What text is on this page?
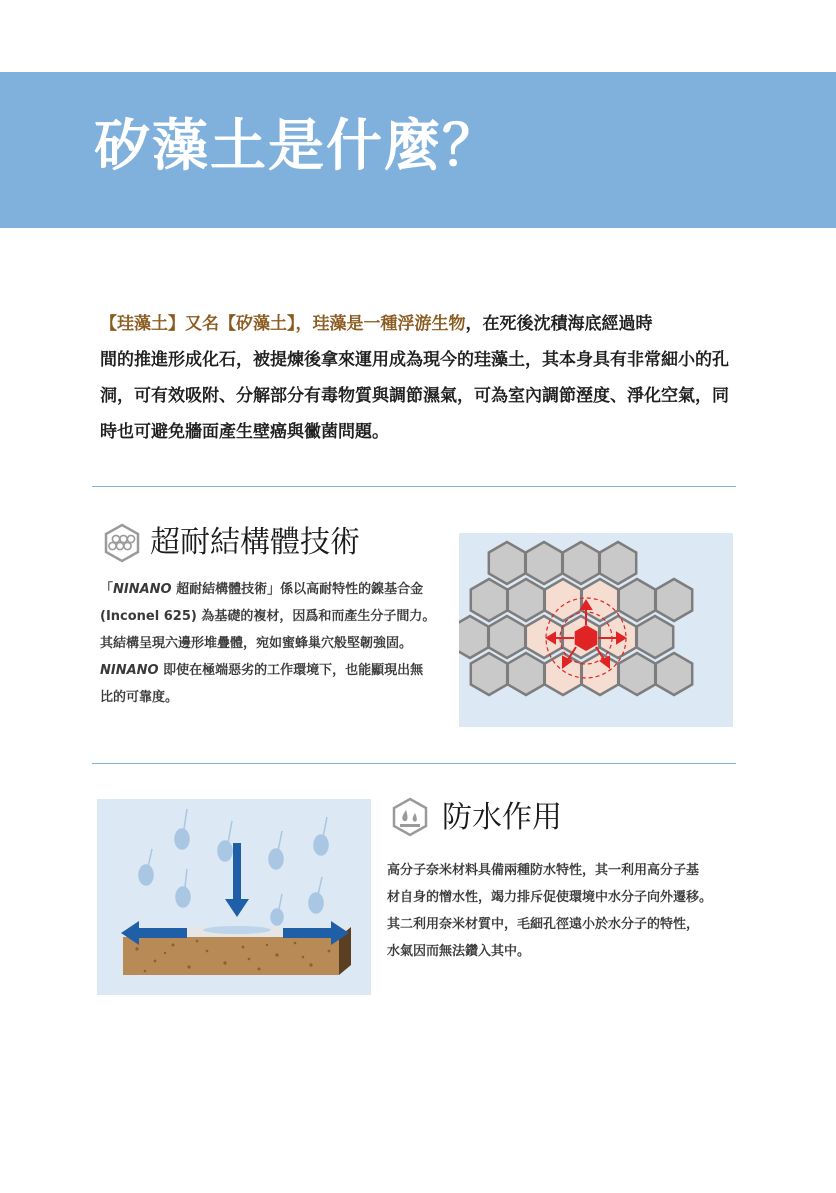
矽藻土是什麼？
【珪藻土】又名【矽藻土】，珪藻是一種浮游生物，在死後沈積海底經過時
間的推進形成化石，被提煉後拿來運用成為現今的珪藻土，其本身具有非常細小的孔
洞，可有效吸附、分解部分有毒物質與調節濕氣，可為室內調節溼度、淨化空氣，同
時也可避免牆面產生壁癌與黴菌問題。
超耐結構體技術
「NINANO 超耐結構體技術」係以高耐特性的鎳基合金
(Inconel 625) 為基礎的複材，因爲和而產生分子間力。
其結構呈現六邊形堆疊體，宛如蜜蜂巢穴般堅韌強固。
NINANO 即使在極端惡劣的工作環境下，也能顯現出無
比的可靠度。
防水作用
高分子奈米材料具備兩種防水特性，其一利用高分子基
材自身的憎水性，竭力排斥促使環境中水分子向外遷移。
其二利用奈米材質中，毛細孔徑遠小於水分子的特性，
水氣因而無法鑽入其中。
